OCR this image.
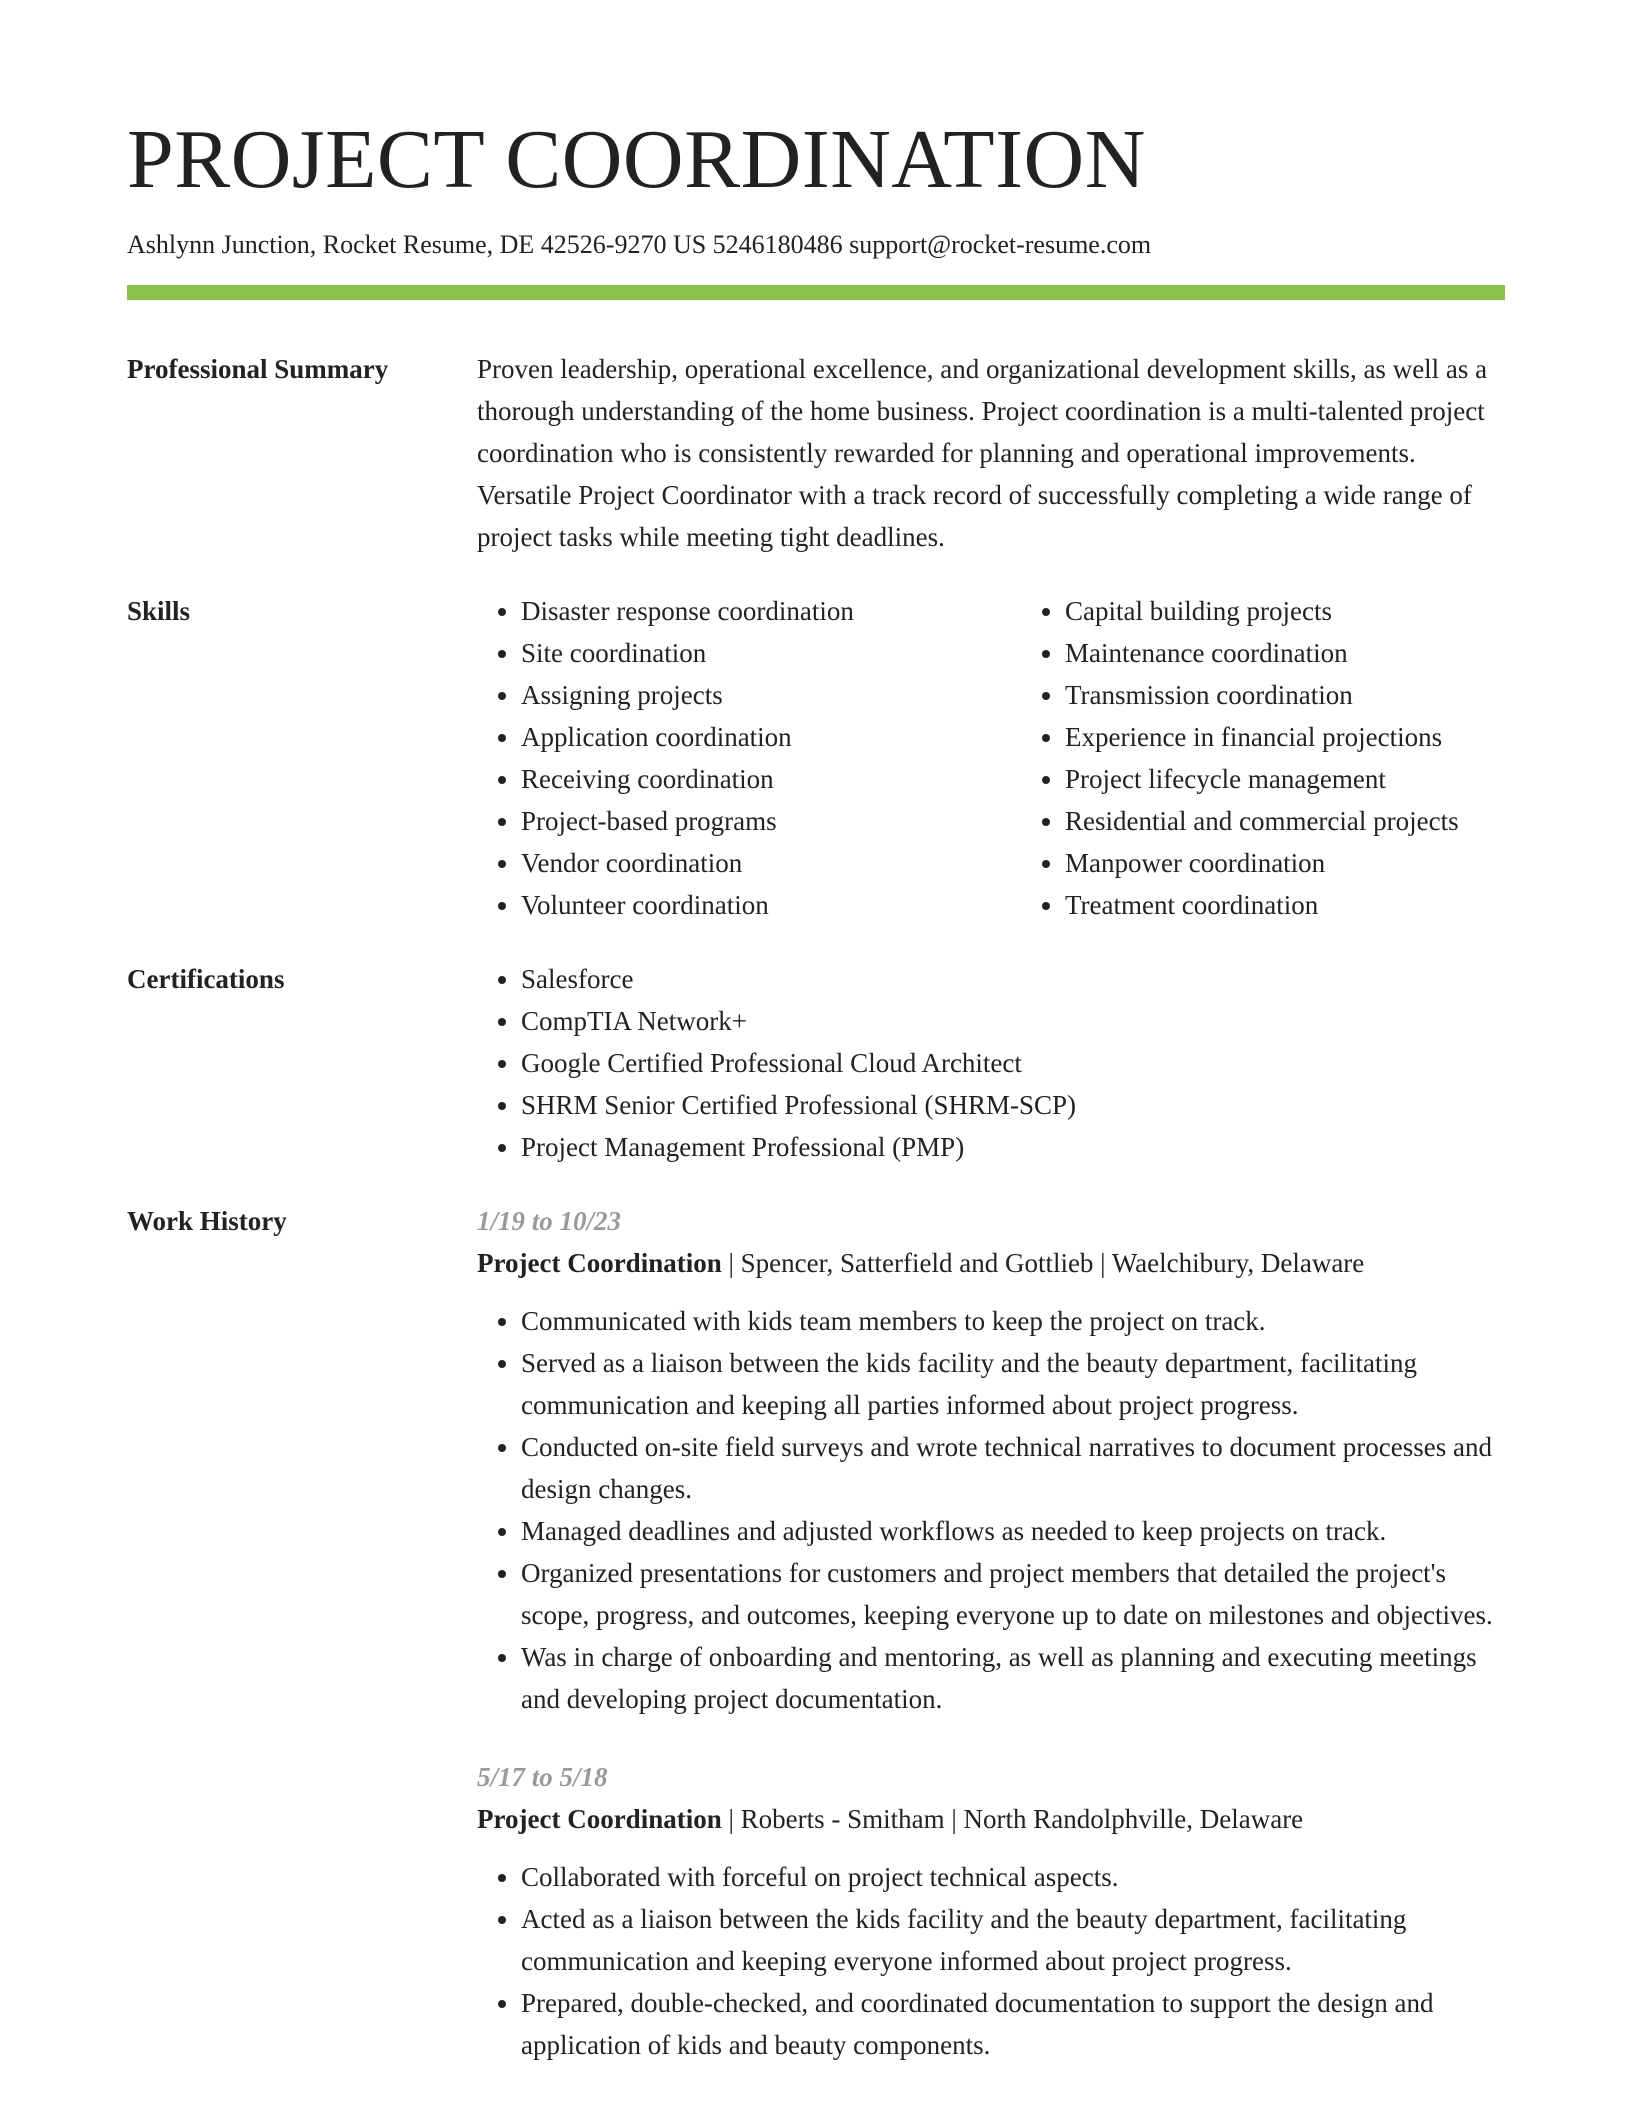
PROJECT COORDINATION
Ashlynn Junction, Rocket Resume, DE 42526-9270 US 5246180486 support@rocket-resume.com
Professional Summary	Proven leadership, operational excellence, and organizational development skills, as well as a thorough understanding of the home business. Project coordination is a multi-talented project coordination who is consistently rewarded for planning and operational improvements. Versatile Project Coordinator with a track record of successfully completing a wide range of project tasks while meeting tight deadlines.

Skills	• Disaster response coordination
• Site coordination
• Assigning projects
• Application coordination
• Receiving coordination
• Project-based programs
• Vendor coordination
• Volunteer coordination
• Capital building projects
• Maintenance coordination
• Transmission coordination
• Experience in financial projections
• Project lifecycle management
• Residential and commercial projects
• Manpower coordination
• Treatment coordination
Certifications	• Salesforce
• CompTIA Network+
• Google Certified Professional Cloud Architect
• SHRM Senior Certified Professional (SHRM-SCP)
• Project Management Professional (PMP)
Work History	1/19 to 10/23
Project Coordination | Spencer, Satterfield and Gottlieb | Waelchibury, Delaware
• Communicated with kids team members to keep the project on track.
• Served as a liaison between the kids facility and the beauty department, facilitating communication and keeping all parties informed about project progress.
• Conducted on-site field surveys and wrote technical narratives to document processes and design changes.
• Managed deadlines and adjusted workflows as needed to keep projects on track.
• Organized presentations for customers and project members that detailed the project's scope, progress, and outcomes, keeping everyone up to date on milestones and objectives.
• Was in charge of onboarding and mentoring, as well as planning and executing meetings and developing project documentation.
5/17 to 5/18
Project Coordination | Roberts - Smitham | North Randolphville, Delaware
• Collaborated with forceful on project technical aspects.
• Acted as a liaison between the kids facility and the beauty department, facilitating communication and keeping everyone informed about project progress.
• Prepared, double-checked, and coordinated documentation to support the design and application of kids and beauty components.
